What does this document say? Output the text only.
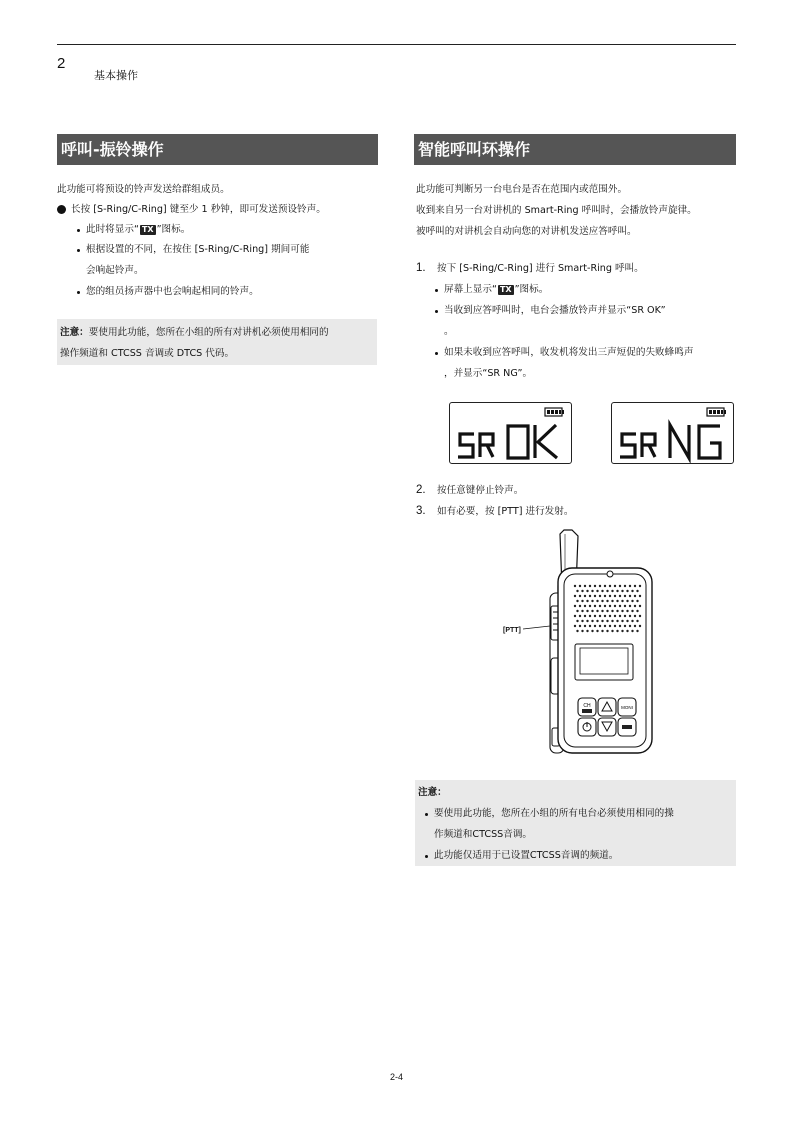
2
基本操作
呼叫-振铃操作
此功能可将预设的铃声发送给群组成员。
长按 [S-Ring/C-Ring] 键至少 1 秒钟，即可发送预设铃声。
此时将显示“ TX ”图标。
根据设置的不同，在按住 [S-Ring/C-Ring] 期间可能
会响起铃声。
您的组员扬声器中也会响起相同的铃声。
注意：要使用此功能，您所在小组的所有对讲机必须使用相同的
操作频道和 CTCSS 音调或 DTCS 代码。
智能呼叫环操作
此功能可判断另一台电台是否在范围内或范围外。
收到来自另一台对讲机的 Smart-Ring 呼叫时，会播放铃声旋律。
被呼叫的对讲机会自动向您的对讲机发送应答呼叫。
1. 按下 [S-Ring/C-Ring] 进行 Smart-Ring 呼叫。
屏幕上显示“ TX ”图标。
当收到应答呼叫时，电台会播放铃声并显示“SR OK”
。
如果未收到应答呼叫，收发机将发出三声短促的失败蜂鸣声
，并显示“SR NG”。
SR OK	SR NG
2. 按任意键停止铃声。
3. 如有必要，按 [PTT] 进行发射。
[PTT]
CH	MONI
注意：
要使用此功能，您所在小组的所有电台必须使用相同的操
作频道和CTCSS音调。
此功能仅适用于已设置CTCSS音调的频道。
2-4
